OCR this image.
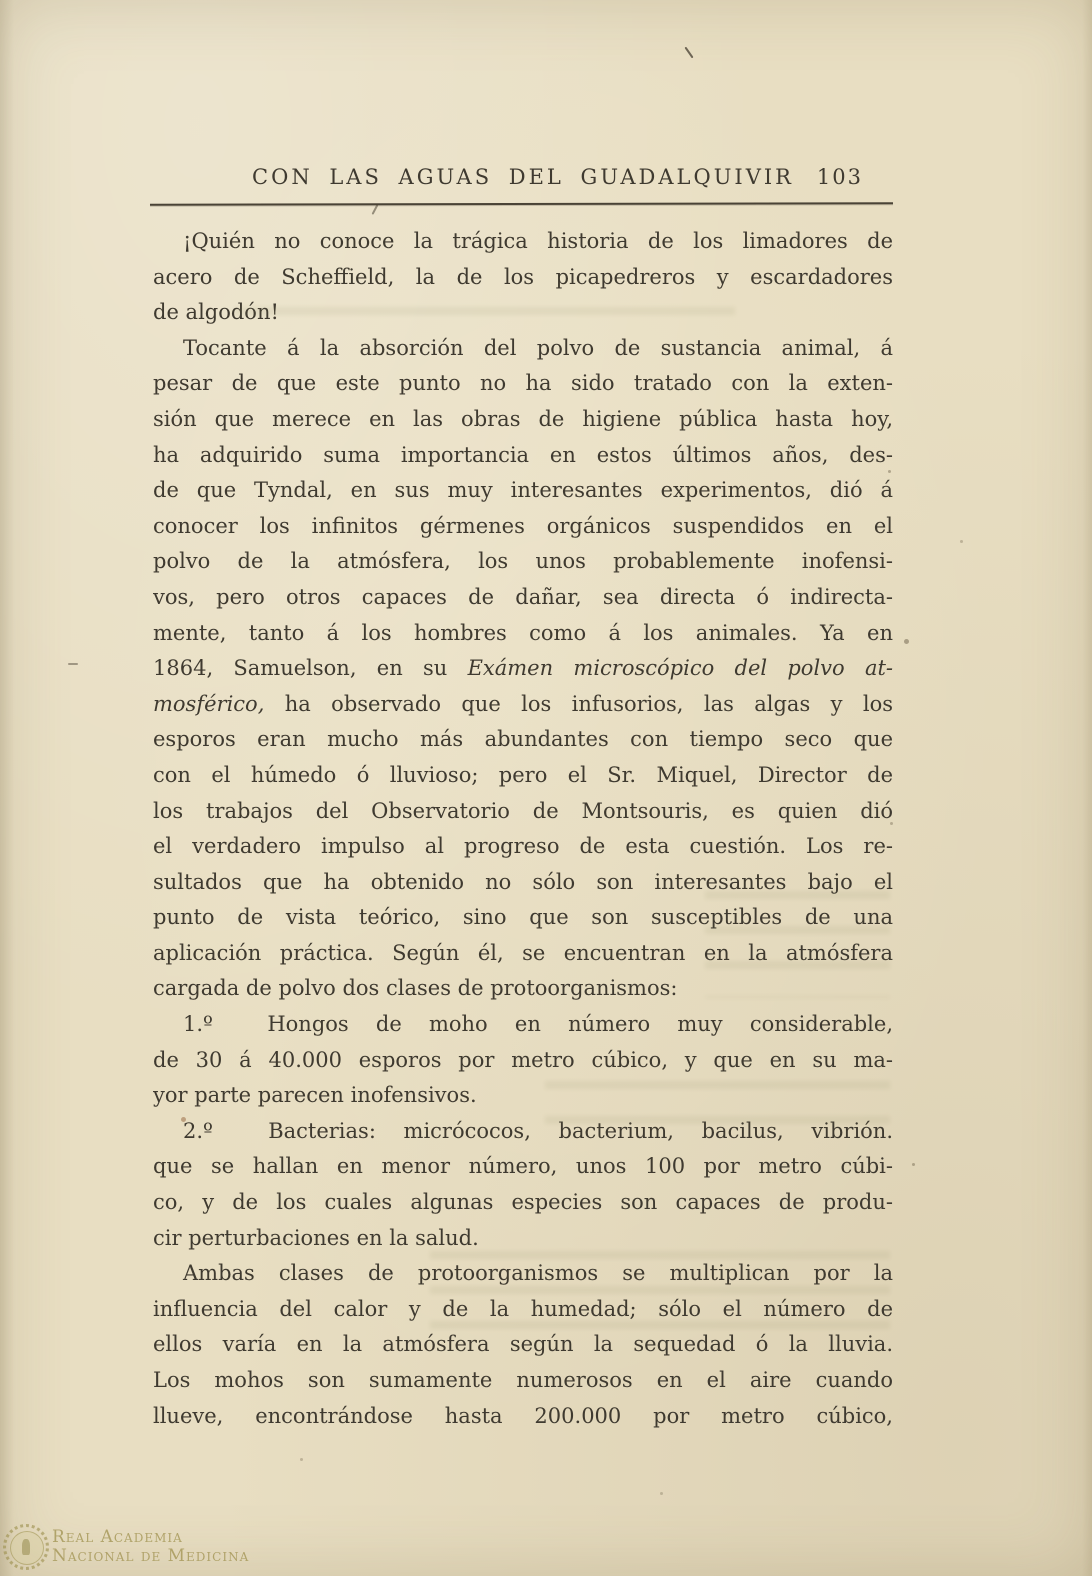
CON LAS AGUAS DEL GUADALQUIVIR	103
¡Quién no conoce la trágica historia de los limadores de
acero de Scheffield, la de los picapedreros y escardadores
de algodón!
Tocante á la absorción del polvo de sustancia animal, á
pesar de que este punto no ha sido tratado con la exten-
sión que merece en las obras de higiene pública hasta hoy,
ha adquirido suma importancia en estos últimos años, des-
de que Tyndal, en sus muy interesantes experimentos, dió á
conocer los infinitos gérmenes orgánicos suspendidos en el
polvo de la atmósfera, los unos probablemente inofensi-
vos, pero otros capaces de dañar, sea directa ó indirecta-
mente, tanto á los hombres como á los animales. Ya en
1864, Samuelson, en su Exámen microscópico del polvo at-
mosférico, ha observado que los infusorios, las algas y los
esporos eran mucho más abundantes con tiempo seco que
con el húmedo ó lluvioso; pero el Sr. Miquel, Director de
los trabajos del Observatorio de Montsouris, es quien dió
el verdadero impulso al progreso de esta cuestión. Los re-
sultados que ha obtenido no sólo son interesantes bajo el
punto de vista teórico, sino que son susceptibles de una
aplicación práctica. Según él, se encuentran en la atmósfera
cargada de polvo dos clases de protoorganismos:
1.º  Hongos de moho en número muy considerable,
de 30 á 40.000 esporos por metro cúbico, y que en su ma-
yor parte parecen inofensivos.
2.º  Bacterias: micrócocos, bacterium, bacilus, vibrión.
que se hallan en menor número, unos 100 por metro cúbi-
co, y de los cuales algunas especies son capaces de produ-
cir perturbaciones en la salud.
Ambas clases de protoorganismos se multiplican por la
influencia del calor y de la humedad; sólo el número de
ellos varía en la atmósfera según la sequedad ó la lluvia.
Los mohos son sumamente numerosos en el aire cuando
llueve, encontrándose hasta 200.000 por metro cúbico,
Real Academia
Nacional de Medicina
